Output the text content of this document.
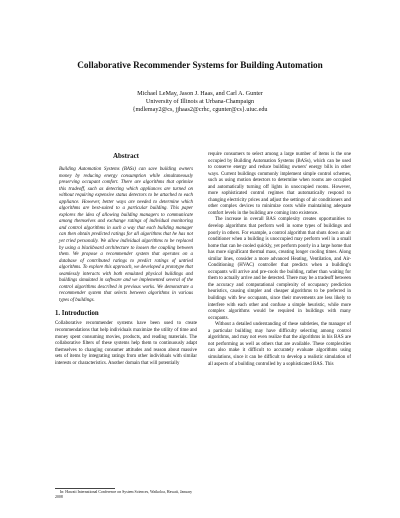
Collaborative Recommender Systems for Building Automation
Michael LeMay, Jason J. Haas, and Carl A. Gunter
University of Illinois at Urbana-Champaign
{mdlemay2@cs, jjhaas2@crhc, cgunter@cs}.uiuc.edu
Abstract

Building Automation Systems (BASs) can save building owners money by reducing energy consumption while simultaneously preserving occupant comfort. There are algorithms that optimize this tradeoff, such as detecting which appliances are turned on without requiring expensive status detectors to be attached to each appliance. However, better ways are needed to determine which algorithms are best-suited to a particular building. This paper explores the idea of allowing building managers to communicate among themselves and exchange ratings of individual monitoring and control algorithms in such a way that each building manager can then obtain predicted ratings for all algorithms that he has not yet tried personally. We allow individual algorithms to be replaced by using a blackboard architecture to loosen the coupling between them. We propose a recommender system that operates on a database of contributed ratings to predict ratings of untried algorithms. To explore this approach, we developed a prototype that seamlessly interacts with both emulated physical buildings and buildings simulated in software and we implemented several of the control algorithms described in previous works. We demonstrate a recommender system that selects between algorithms in various types of buildings.

1. Introduction

Collaborative recommender systems have been used to create recommendations that help individuals maximize the utility of time and money spent consuming movies, products, and reading materials. The collaborative filters of these systems help them to continuously adapt themselves to changing consumer attitudes and reason about massive sets of items by integrating ratings from other individuals with similar interests or characteristics. Another domain that will potentially

In: Hawaii International Conference on System Sciences, Waikoloa, Hawaii, January 2008

require consumers to select among a large number of items is the one occupied by Building Automation Systems (BASs), which can be used to conserve energy and reduce building owners' energy bills in other ways. Current buildings commonly implement simple control schemes, such as using motion detectors to determine when rooms are occupied and automatically turning off lights in unoccupied rooms. However, more sophisticated control regimes that automatically respond to changing electricity prices and adjust the settings of air conditioners and other complex devices to minimize costs while maintaining adequate comfort levels in the building are coming into existence.

The increase in overall BAS complexity creates opportunities to develop algorithms that perform well in some types of buildings and poorly in others. For example, a control algorithm that shuts down an air conditioner when a building is unoccupied may perform well in a small home that can be cooled quickly, yet perform poorly in a large home that has more significant thermal mass, creating longer cooling times. Along similar lines, consider a more advanced Heating, Ventilation, and Air-Conditioning (HVAC) controller that predicts when a building's occupants will arrive and pre-cools the building, rather than waiting for them to actually arrive and be detected. There may be a tradeoff between the accuracy and computational complexity of occupancy prediction heuristics, causing simpler and cheaper algorithms to be preferred in buildings with few occupants, since their movements are less likely to interfere with each other and confuse a simple heuristic, while more complex algorithms would be required in buildings with many occupants.

Without a detailed understanding of these subtleties, the manager of a particular building may have difficulty selecting among control algorithms, and may not even realize that the algorithms in his BAS are not performing as well as others that are available. These complexities can also make it difficult to accurately evaluate algorithms using simulations, since it can be difficult to develop a realistic simulation of all aspects of a building controlled by a sophisticated BAS. This
